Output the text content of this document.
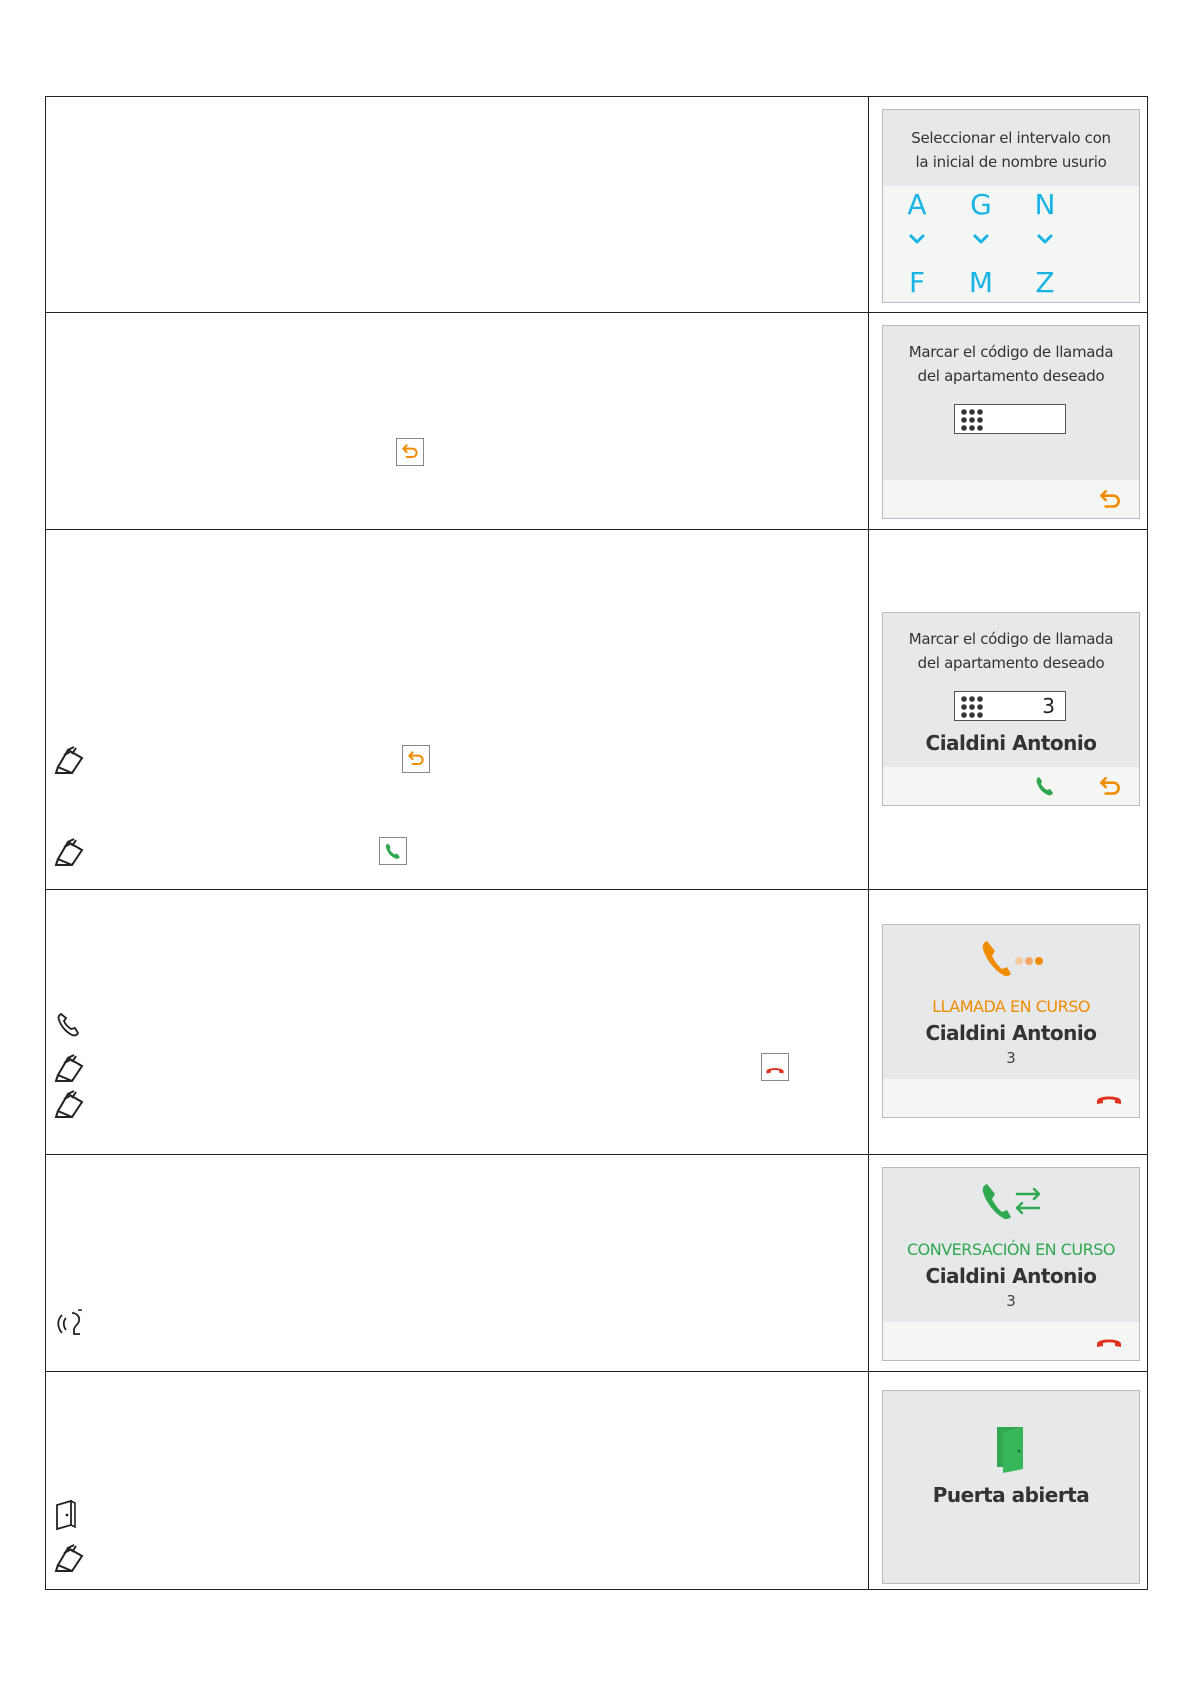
Seleccionar el intervalo con
la inicial de nombre usurio
A
F
G
M
N
Z
Marcar el código de llamada
del apartamento deseado
Marcar el código de llamada
del apartamento deseado
3
Cialdini Antonio
LLAMADA EN CURSO
Cialdini Antonio
3
CONVERSACIÓN EN CURSO
Cialdini Antonio
3
Puerta abierta
